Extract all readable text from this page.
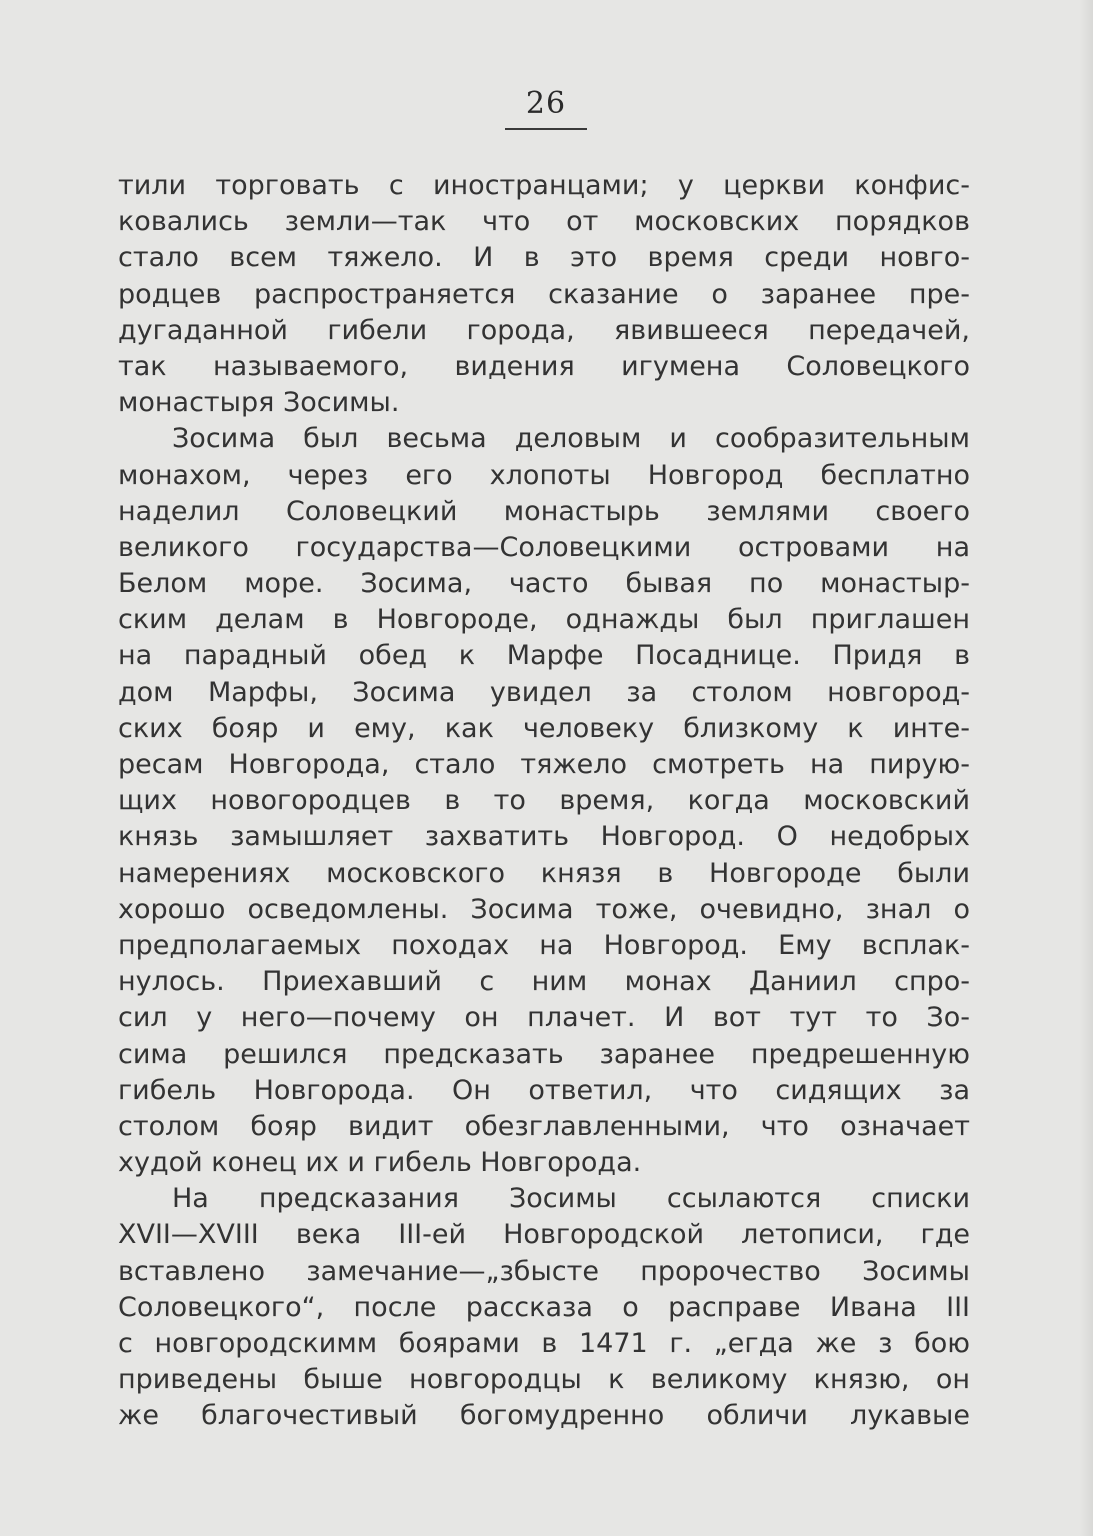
26
тили торговать с иностранцами; у церкви конфис-
ковались земли—так что от московских порядков
стало всем тяжело. И в это время среди новго-
родцев распространяется сказание о заранее пре-
дугаданной гибели города, явившееся передачей,
так называемого, видения игумена Соловецкого
монастыря Зосимы.
Зосима был весьма деловым и сообразительным
монахом, через его хлопоты Новгород бесплатно
наделил Соловецкий монастырь землями своего
великого государства—Соловецкими островами на
Белом море. Зосима, часто бывая по монастыр-
ским делам в Новгороде, однажды был приглашен
на парадный обед к Марфе Посаднице. Придя в
дом Марфы, Зосима увидел за столом новгород-
ских бояр и ему, как человеку близкому к инте-
ресам Новгорода, стало тяжело смотреть на пирую-
щих новогородцев в то время, когда московский
князь замышляет захватить Новгород. О недобрых
намерениях московского князя в Новгороде были
хорошо осведомлены. Зосима тоже, очевидно, знал о
предполагаемых походах на Новгород. Ему всплак-
нулось. Приехавший с ним монах Даниил спро-
сил у него—почему он плачет. И вот тут то Зо-
сима решился предсказать заранее предрешенную
гибель Новгорода. Он ответил, что сидящих за
столом бояр видит обезглавленными, что означает
худой конец их и гибель Новгорода.
На предсказания Зосимы ссылаются списки
XVII—XVIII века III-ей Новгородской летописи, где
вставлено замечание—„збысте пророчество Зосимы
Соловецкого“, после рассказа о расправе Ивана III
с новгородскимм боярами в 1471 г. „егда же з бою
приведены быше новгородцы к великому князю, он
же благочестивый богомудренно обличи лукавые
